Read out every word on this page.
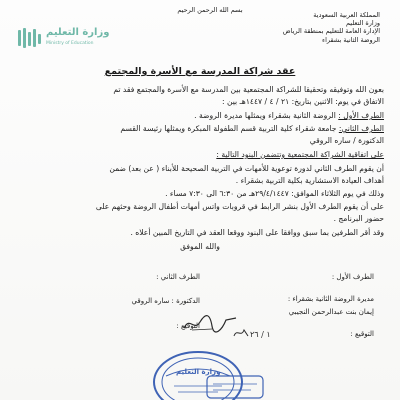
بسم الله الرحمن الرحيم
المملكة العربية السعودية
وزارة التعليم
الإدارة العامة للتعليم بمنطقة الرياض
الروضة الثانية بشقراء
وزارة التعليم
Ministry of Education
عقد شراكة المدرسة مع الأسرة والمجتمع
بعون الله وتوفيقه وتحقيقا للشراكة المجتمعية بين المدرسة مع الأسرة والمجتمع فقد تم
الاتفاق في يوم: الاثنين بتاريخ: ٢١ / ٤ / ١٤٤٧هـ بين :
الطرف الأول : الروضة الثانية بشقراء ويمثلها مديرة الروضة .
الطرف الثاني: جامعة شقراء كلية التربية قسم الطفولة المبكرة ويمثلها رئيسة القسم
الدكتورة / ساره الروقي
على اتفاقية الشراكة المجتمعية وتتضمن البنود التالية :
أن يقوم الطرف الثاني لدورة توعوية للأمهات في التربية الصحيحة للأبناء ( عن بعد) ضمن
أهداف العيادة الاستشارية بكلية التربية بشقراء .
وذلك في يوم الثلاثاء الموافق: ٢٩/٤/١٤٤٧هـ من ٦:٣٠ الى ٧:٣٠ مساء .
على أن يقوم الطرف الأول بنشر الرابط في قروبات واتس أمهات أطفال الروضة وحثهم على
حضور البرنامج .
وقد أقر الطرفين بما سبق ووافقا على البنود ووقعا العقد في التاريخ المبين أعلاه .
والله الموفق
الطرف الأول :
مديرة الروضة الثانية بشقراء :
إيمان بنت عبدالرحمن النجيبي
التوقيع :
١ / ٢٦
الطرف الثاني :
الدكتورة : ساره الروقي
التوقيع :
وزارة التعليم
